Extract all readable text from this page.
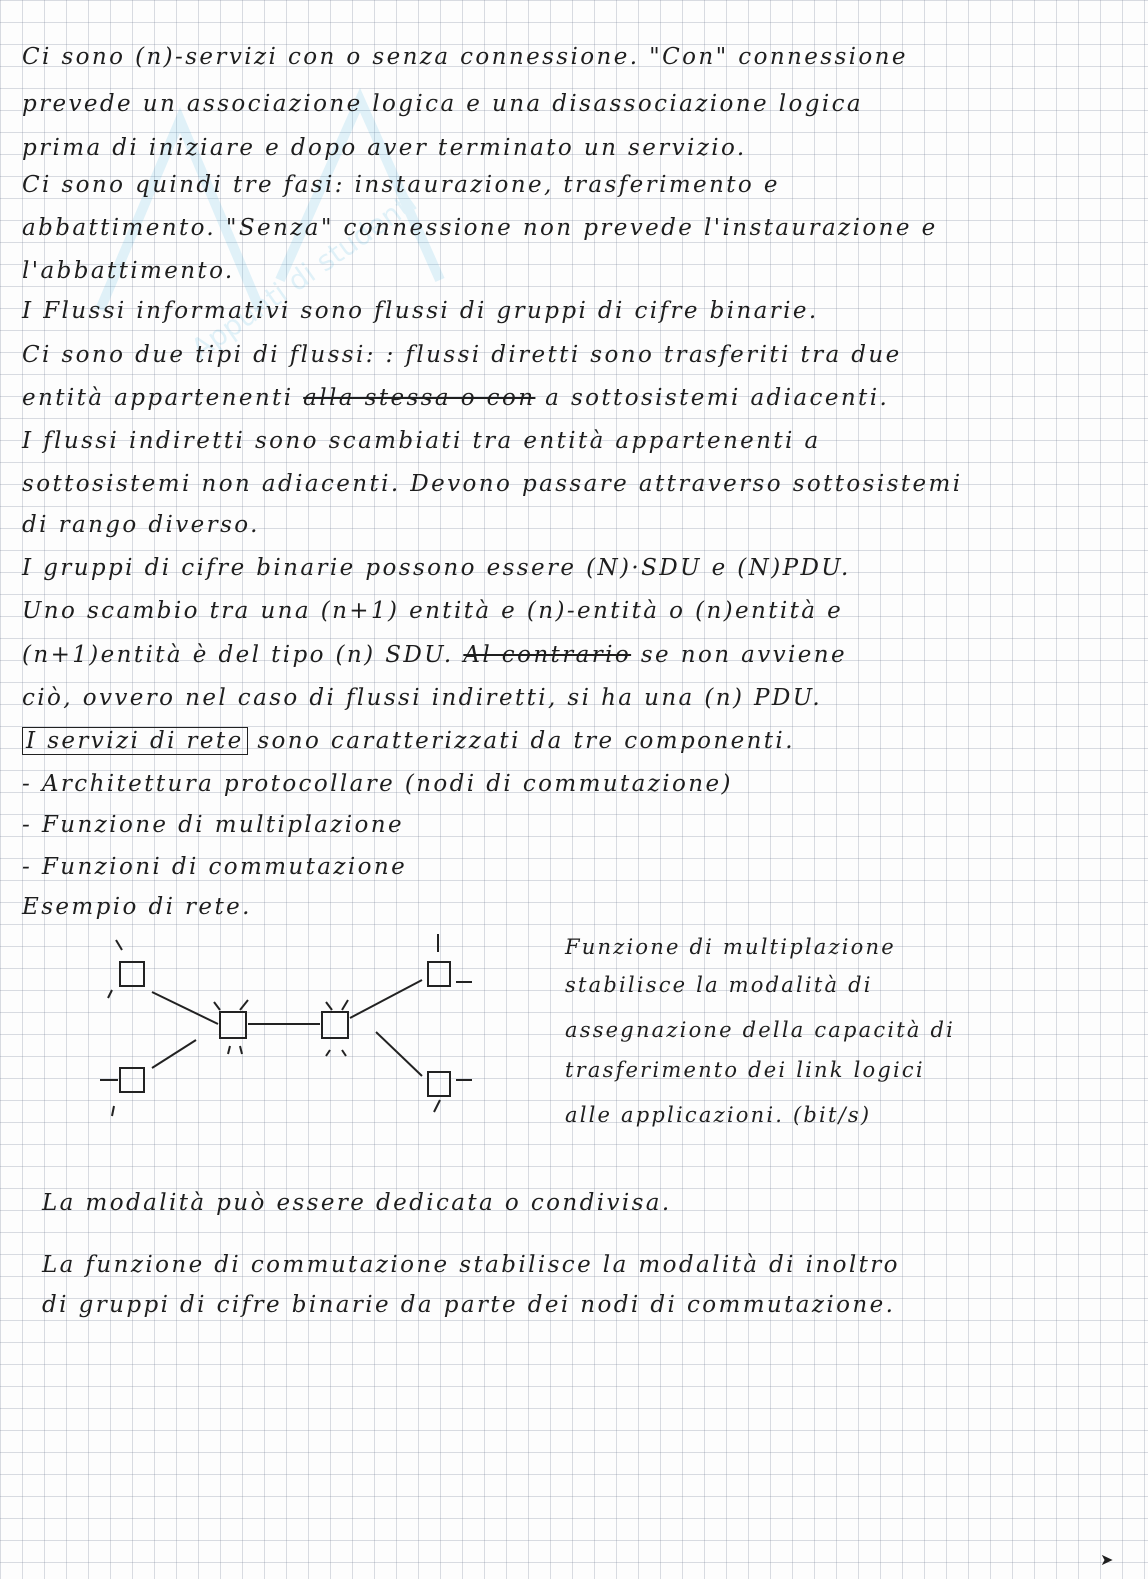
Appunti di studenti
Ci sono (n)-servizi con o senza connessione. "Con" connessione
prevede un associazione logica e una disassociazione logica
prima di iniziare e dopo aver terminato un servizio.
Ci sono quindi tre fasi: instaurazione, trasferimento e
abbattimento. "Senza" connessione non prevede l'instaurazione e
l'abbattimento.
I Flussi informativi sono flussi di gruppi di cifre binarie.
Ci sono due tipi di flussi: : flussi diretti sono trasferiti tra due
entità appartenenti alla stessa o con a sottosistemi adiacenti.
I flussi indiretti sono scambiati tra entità appartenenti a
sottosistemi non adiacenti. Devono passare attraverso sottosistemi
di rango diverso.
I gruppi di cifre binarie possono essere (N)·SDU e (N)PDU.
Uno scambio tra una (n+1) entità e (n)-entità o (n)entità e
(n+1)entità è del tipo (n) SDU. Al contrario se non avviene
ciò, ovvero nel caso di flussi indiretti, si ha una (n) PDU.
I servizi di rete sono caratterizzati da tre componenti.
- Architettura protocollare (nodi di commutazione)
- Funzione di multiplazione
- Funzioni di commutazione
Esempio di rete.
Funzione di multiplazione
stabilisce la modalità di
assegnazione della capacità di
trasferimento dei link logici
alle applicazioni. (bit/s)
La modalità può essere dedicata o condivisa.
La funzione di commutazione stabilisce la modalità di inoltro
di gruppi di cifre binarie da parte dei nodi di commutazione.
➤
